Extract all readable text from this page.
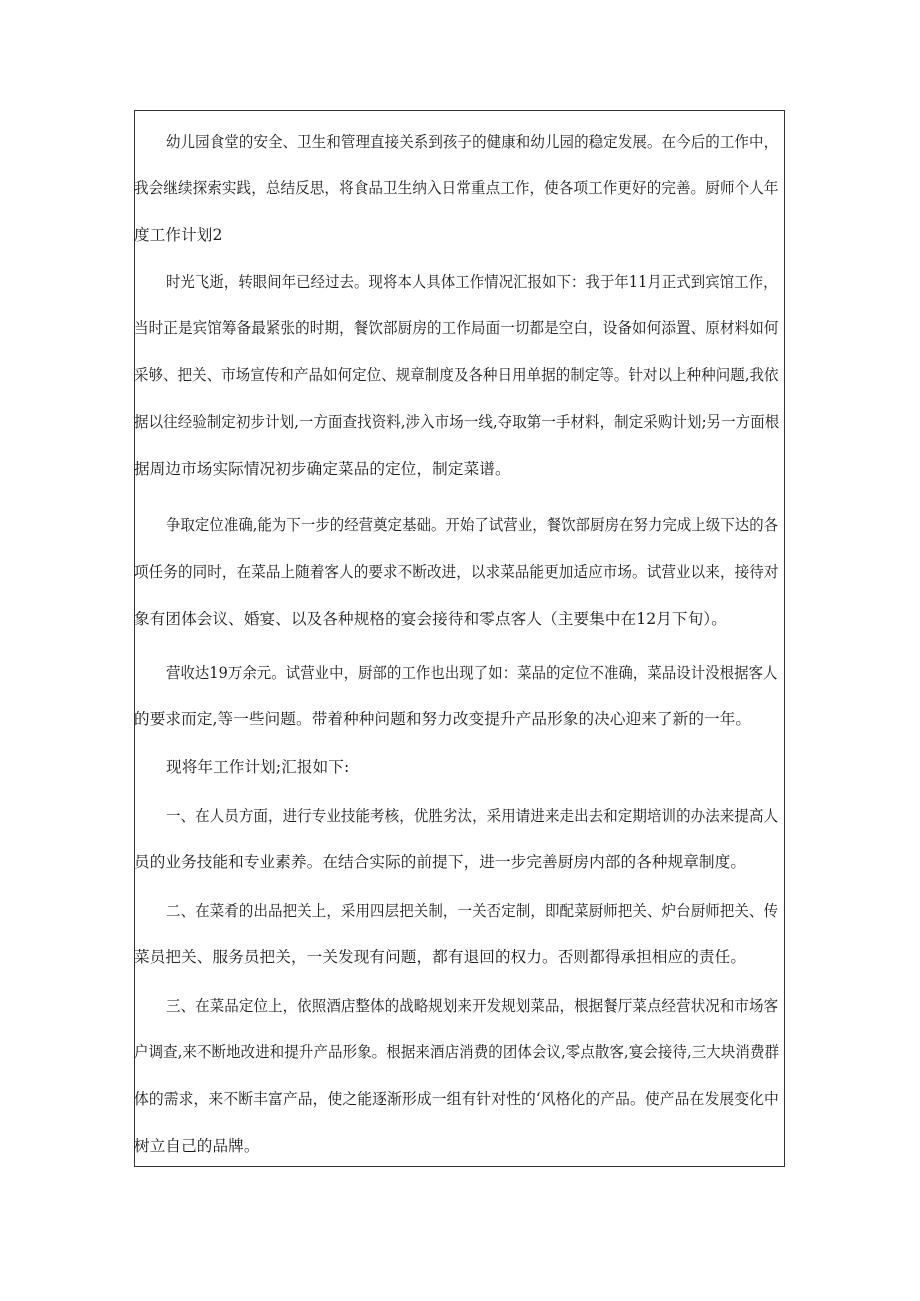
幼儿园食堂的安全、卫生和管理直接关系到孩子的健康和幼儿园的稳定发展。在今后的工作中，
我会继续探索实践，总结反思，将食品卫生纳入日常重点工作，使各项工作更好的完善。厨师个人年
度工作计划2
时光飞逝，转眼间年已经过去。现将本人具体工作情况汇报如下：我于年11月正式到宾馆工作，
当时正是宾馆筹备最紧张的时期，餐饮部厨房的工作局面一切都是空白，设备如何添置、原材料如何
采够、把关、市场宣传和产品如何定位、规章制度及各种日用单据的制定等。针对以上种种问题,我依
据以往经验制定初步计划,一方面查找资料,涉入市场一线,夺取第一手材料，制定采购计划;另一方面根
据周边市场实际情况初步确定菜品的定位，制定菜谱。
争取定位准确,能为下一步的经营奠定基础。开始了试营业，餐饮部厨房在努力完成上级下达的各
项任务的同时，在菜品上随着客人的要求不断改进，以求菜品能更加适应市场。试营业以来，接待对
象有团体会议、婚宴、以及各种规格的宴会接待和零点客人（主要集中在12月下旬）。
营收达19万余元。试营业中，厨部的工作也出现了如：菜品的定位不准确，菜品设计没根据客人
的要求而定,等一些问题。带着种种问题和努力改变提升产品形象的决心迎来了新的一年。
现将年工作计划;汇报如下:
一、在人员方面，进行专业技能考核，优胜劣汰，采用请进来走出去和定期培训的办法来提高人
员的业务技能和专业素养。在结合实际的前提下，进一步完善厨房内部的各种规章制度。
二、在菜肴的出品把关上，采用四层把关制，一关否定制，即配菜厨师把关、炉台厨师把关、传
菜员把关、服务员把关，一关发现有问题，都有退回的权力。否则都得承担相应的责任。
三、在菜品定位上，依照酒店整体的战略规划来开发规划菜品，根据餐厅菜点经营状况和市场客
户调查,来不断地改进和提升产品形象。根据来酒店消费的团体会议,零点散客,宴会接待,三大块消费群
体的需求，来不断丰富产品，使之能逐渐形成一组有针对性的‘风格化的产品。使产品在发展变化中
树立自己的品牌。
